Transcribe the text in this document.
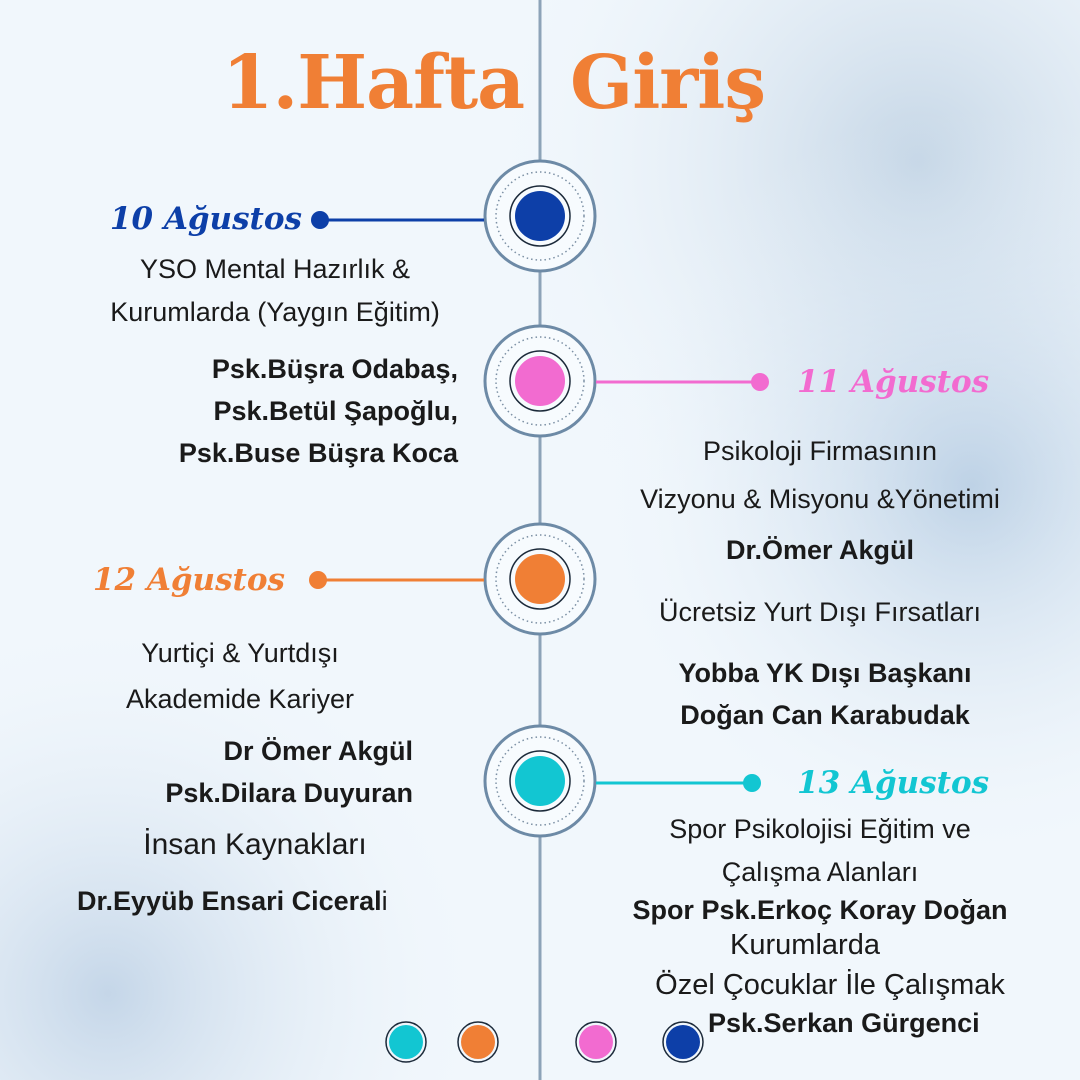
1.Hafta Giriş
10 Ağustos
YSO Mental Hazırlık &
Kurumlarda (Yaygın Eğitim)
Psk.Büşra Odabaş,
Psk.Betül Şapoğlu,
Psk.Buse Büşra Koca
11 Ağustos
Psikoloji Firmasının
Vizyonu & Misyonu &Yönetimi
Dr.Ömer Akgül
Ücretsiz Yurt Dışı Fırsatları
Yobba YK Dışı Başkanı
Doğan Can Karabudak
12 Ağustos
Yurtiçi & Yurtdışı
Akademide Kariyer
Dr Ömer Akgül
Psk.Dilara Duyuran
İnsan Kaynakları
Dr.Eyyüb Ensari Cicerali
13 Ağustos
Spor Psikolojisi Eğitim ve
Çalışma Alanları
Spor Psk.Erkoç Koray Doğan
Kurumlarda
Özel Çocuklar İle Çalışmak
Psk.Serkan Gürgenci
